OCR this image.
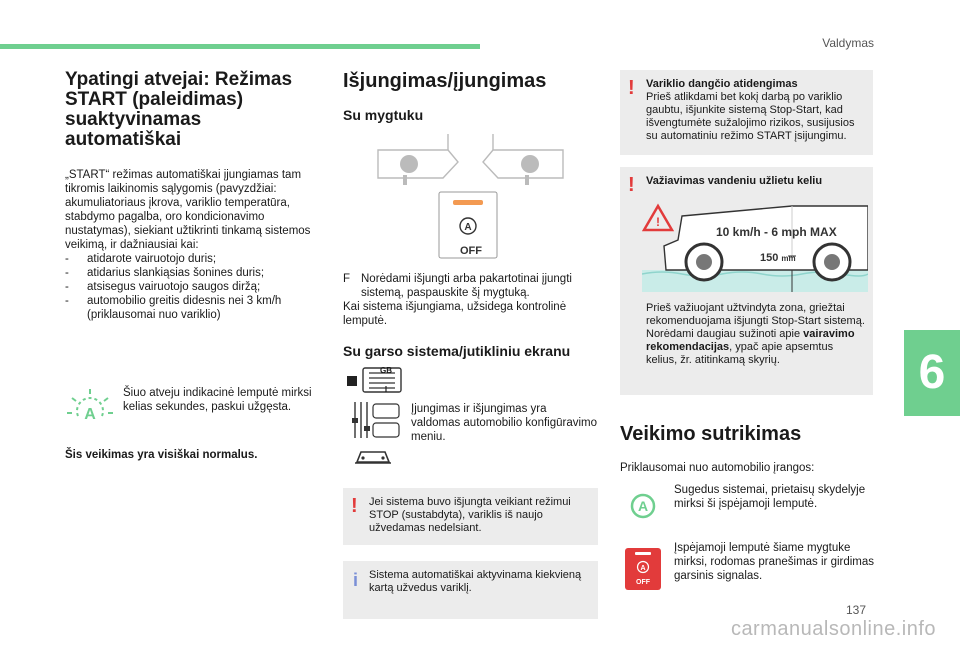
Valdymas
Ypatingi atvejai: Režimas START (paleidimas) suaktyvinamas automatiškai

„START“ režimas automatiškai įjungiamas tam tikromis laikinomis sąlygomis (pavyzdžiai: akumuliatoriaus įkrova, variklio temperatūra, stabdymo pagalba, oro kondicionavimo nustatymas), siekiant užtikrinti tinkamą sistemos veikimą, ir dažniausiai kai:

- atidarote vairuotojo duris;
- atidarius slankiąsias šonines duris;
- atsisegus vairuotojo saugos diržą;
- automobilio greitis didesnis nei 3 km/h (priklausomai nuo variklio)
A
Šiuo atveju indikacinė lemputė mirksi kelias sekundes, paskui užgęsta.

Šis veikimas yra visiškai normalus.

Išjungimas/įjungimas
Su mygtuku
A
OFF
F Norėdami išjungti arba pakartotinai įjungti sistemą, paspauskite šį mygtuką.

Kai sistema išjungiama, užsidega kontrolinė lemputė.

Su garso sistema/jutikliniu ekranu
GB
I
Įjungimas ir išjungimas yra valdomas automobilio konfigūravimo meniu.
! Jei sistema buvo išjungta veikiant režimui STOP (sustabdyta), variklis iš naujo užvedamas nedelsiant.
i Sistema automatiškai aktyvinama kiekvieną kartą užvedus variklį.
! Variklio dangčio atidengimas
Prieš atlikdami bet kokį darbą po variklio gaubtu, išjunkite sistemą Stop-Start, kad išvengtumėte sužalojimo rizikos, susijusios su automatiniu režimo START įsijungimu.
! Važiavimas vandeniu užlietu keliu
!
10 km/h - 6 mph MAX
150 mm

Prieš važiuojant užtvindyta zona, griežtai rekomenduojama išjungti Stop-Start sistemą.

Norėdami daugiau sužinoti apie vairavimo rekomendacijas, ypač apie apsemtus kelius, žr. atitinkamą skyrių.

Veikimo sutrikimas

Priklausomai nuo automobilio įrangos:

A
Sugedus sistemai, prietaisų skydelyje mirksi ši įspėjamoji lemputė.
A
OFF
Įspėjamoji lemputė šiame mygtuke mirksi, rodomas pranešimas ir girdimas garsinis signalas.
6
137
carmanualsonline.info
